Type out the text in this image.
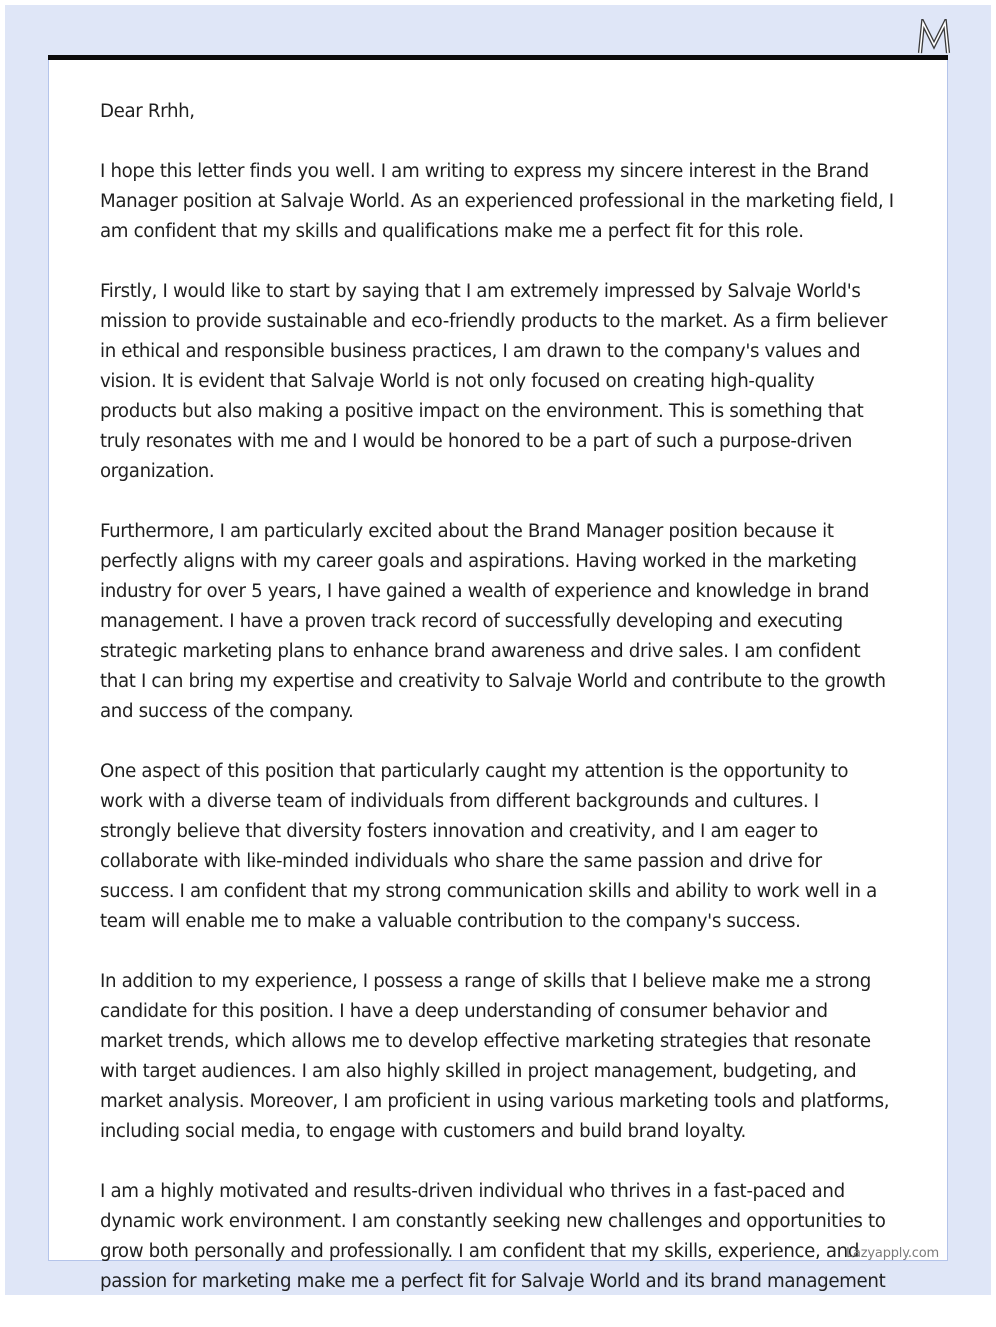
Dear Rrhh,

I hope this letter finds you well. I am writing to express my sincere interest in the Brand Manager position at Salvaje World. As an experienced professional in the marketing field, I am confident that my skills and qualifications make me a perfect fit for this role.

Firstly, I would like to start by saying that I am extremely impressed by Salvaje World's mission to provide sustainable and eco-friendly products to the market. As a firm believer in ethical and responsible business practices, I am drawn to the company's values and vision. It is evident that Salvaje World is not only focused on creating high-quality products but also making a positive impact on the environment. This is something that truly resonates with me and I would be honored to be a part of such a purpose-driven organization.

Furthermore, I am particularly excited about the Brand Manager position because it perfectly aligns with my career goals and aspirations. Having worked in the marketing industry for over 5 years, I have gained a wealth of experience and knowledge in brand management. I have a proven track record of successfully developing and executing strategic marketing plans to enhance brand awareness and drive sales. I am confident that I can bring my expertise and creativity to Salvaje World and contribute to the growth and success of the company.

One aspect of this position that particularly caught my attention is the opportunity to work with a diverse team of individuals from different backgrounds and cultures. I strongly believe that diversity fosters innovation and creativity, and I am eager to collaborate with like-minded individuals who share the same passion and drive for success. I am confident that my strong communication skills and ability to work well in a team will enable me to make a valuable contribution to the company's success.

In addition to my experience, I possess a range of skills that I believe make me a strong candidate for this position. I have a deep understanding of consumer behavior and market trends, which allows me to develop effective marketing strategies that resonate with target audiences. I am also highly skilled in project management, budgeting, and market analysis. Moreover, I am proficient in using various marketing tools and platforms, including social media, to engage with customers and build brand loyalty.

I am a highly motivated and results-driven individual who thrives in a fast-paced and dynamic work environment. I am constantly seeking new challenges and opportunities to grow both personally and professionally. I am confident that my skills, experience, and passion for marketing make me a perfect fit for Salvaje World and its brand management

Lazyapply.com
